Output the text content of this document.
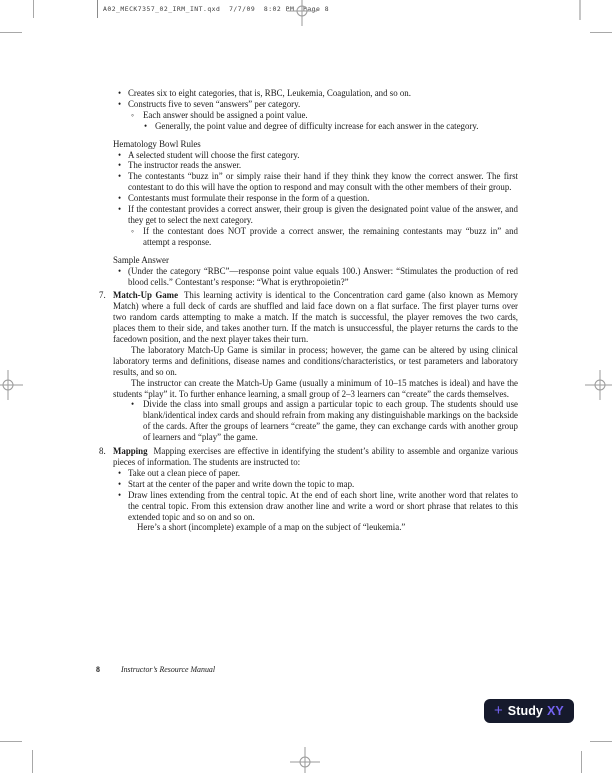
A02_MECK7357_02_IRM_INT.qxd  7/7/09  8:02 PM  Page 8
• Creates six to eight categories, that is, RBC, Leukemia, Coagulation, and so on.
• Constructs five to seven “answers” per category.
◦ Each answer should be assigned a point value.
• Generally, the point value and degree of difficulty increase for each answer in the category.
Hematology Bowl Rules
• A selected student will choose the first category.
• The instructor reads the answer.
• The contestants “buzz in” or simply raise their hand if they think they know the correct answer. The first contestant to do this will have the option to respond and may consult with the other members of their group.
• Contestants must formulate their response in the form of a question.
• If the contestant provides a correct answer, their group is given the designated point value of the answer, and they get to select the next category.
◦ If the contestant does NOT provide a correct answer, the remaining contestants may “buzz in” and attempt a response.
Sample Answer
• (Under the category “RBC”—response point value equals 100.) Answer: “Stimulates the production of red blood cells.” Contestant’s response: “What is erythropoietin?”
7. Match-Up Game This learning activity is identical to the Concentration card game (also known as Memory Match) where a full deck of cards are shuffled and laid face down on a flat surface. The first player turns over two random cards attempting to make a match. If the match is successful, the player removes the two cards, places them to their side, and takes another turn. If the match is unsuccessful, the player returns the cards to the facedown position, and the next player takes their turn.
The laboratory Match-Up Game is similar in process; however, the game can be altered by using clinical laboratory terms and definitions, disease names and conditions/characteristics, or test parameters and laboratory results, and so on.
The instructor can create the Match-Up Game (usually a minimum of 10–15 matches is ideal) and have the students “play” it. To further enhance learning, a small group of 2–3 learners can “create” the cards themselves.
• Divide the class into small groups and assign a particular topic to each group. The students should use blank/identical index cards and should refrain from making any distinguishable markings on the backside of the cards. After the groups of learners “create” the game, they can exchange cards with another group of learners and “play” the game.
8. Mapping Mapping exercises are effective in identifying the student’s ability to assemble and organize various pieces of information. The students are instructed to:
• Take out a clean piece of paper.
• Start at the center of the paper and write down the topic to map.
• Draw lines extending from the central topic. At the end of each short line, write another word that relates to the central topic. From this extension draw another line and write a word or short phrase that relates to this extended topic and so on and so on.
Here’s a short (incomplete) example of a map on the subject of “leukemia.”
8	Instructor’s Resource Manual
+ Study XY
